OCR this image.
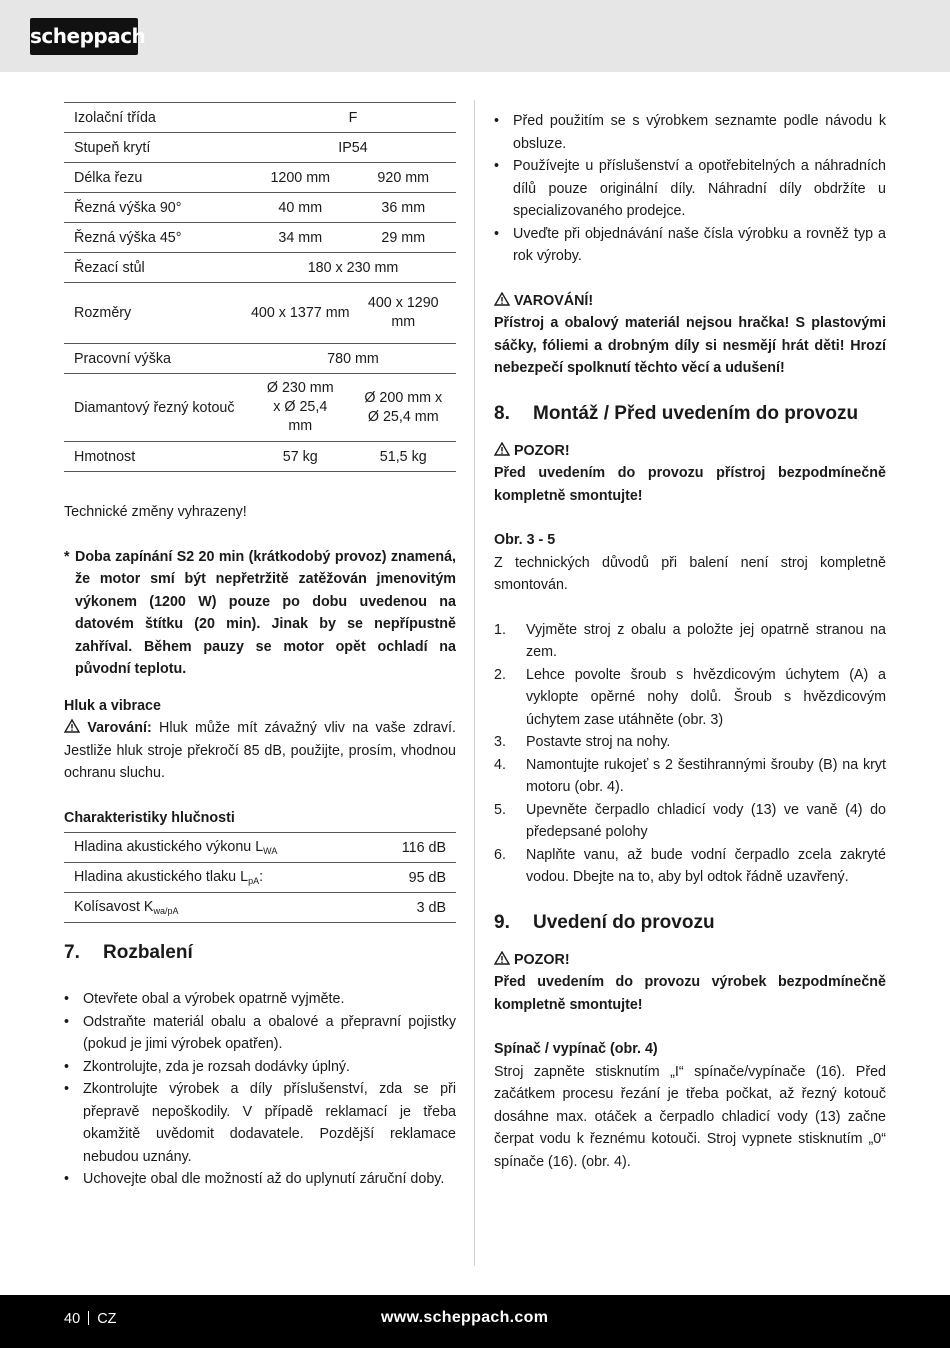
scheppach
Izolační třída	F	
Stupeň krytí	IP54	
Délka řezu	1200 mm	920 mm
Řezná výška 90°	40 mm	36 mm
Řezná výška 45°	34 mm	29 mm
Řezací stůl	180 x 230 mm	
Rozměry	400 x 1377 mm	400 x 1290 mm
Pracovní výška	780 mm	
Diamantový řezný kotouč	Ø 230 mm x Ø 25,4 mm	Ø 200 mm x Ø 25,4 mm
Hmotnost	57 kg	51,5 kg

Technické změny vyhrazeny!

* Doba zapínání S2 20 min (krátkodobý provoz) znamená, že motor smí být nepřetržitě zatěžován jmenovitým výkonem (1200 W) pouze po dobu uvedenou na datovém štítku (20 min). Jinak by se nepřípustně zahříval. Během pauzy se motor opět ochladí na původní teplotu.

Hluk a vibrace

Varování: Hluk může mít závažný vliv na vaše zdraví. Jestliže hluk stroje překročí 85 dB, použijte, prosím, vhodnou ochranu sluchu.

Charakteristiky hlučnosti

Hladina akustického výkonu $L_{WA}$	116 dB
Hladina akustického tlaku $L_{pA}$:	95 dB
Kolísavost $K_{wa/pA}$	3 dB
7.	Rozbalení
• Otevřete obal a výrobek opatrně vyjměte.
• Odstraňte materiál obalu a obalové a přepravní pojistky (pokud je jimi výrobek opatřen).
• Zkontrolujte, zda je rozsah dodávky úplný.
• Zkontrolujte výrobek a díly příslušenství, zda se při přepravě nepoškodily. V případě reklamací je třeba okamžitě uvědomit dodavatele. Pozdější reklamace nebudou uznány.
• Uchovejte obal dle možností až do uplynutí záruční doby.
• Před použitím se s výrobkem seznamte podle návodu k obsluze.
• Používejte u příslušenství a opotřebitelných a náhradních dílů pouze originální díly. Náhradní díly obdržíte u specializovaného prodejce.
• Uveďte při objednávání naše čísla výrobku a rovněž typ a rok výroby.

VAROVÁNÍ!

Přístroj a obalový materiál nejsou hračka! S plastovými sáčky, fóliemi a drobným díly si nesmějí hrát děti! Hrozí nebezpečí spolknutí těchto věcí a udušení!

8.	Montáž / Před uvedením do provozu

POZOR!

Před uvedením do provozu přístroj bezpodmínečně kompletně smontujte!

Obr. 3 - 5

Z technických důvodů při balení není stroj kompletně smontován.

1.	Vyjměte stroj z obalu a položte jej opatrně stranou na zem.
2.	Lehce povolte šroub s hvězdicovým úchytem (A) a vyklopte opěrné nohy dolů. Šroub s hvězdicovým úchytem zase utáhněte (obr. 3)
3.	Postavte stroj na nohy.
4.	Namontujte rukojeť s 2 šestihrannými šrouby (B) na kryt motoru (obr. 4).
5.	Upevněte čerpadlo chladicí vody (13) ve vaně (4) do předepsané polohy
6.	Naplňte vanu, až bude vodní čerpadlo zcela zakryté vodou. Dbejte na to, aby byl odtok řádně uzavřený.
9.	Uvedení do provozu

POZOR!

Před uvedením do provozu výrobek bezpodmínečně kompletně smontujte!

Spínač / vypínač (obr. 4)

Stroj zapněte stisknutím „I“ spínače/vypínače (16). Před začátkem procesu řezání je třeba počkat, až řezný kotouč dosáhne max. otáček a čerpadlo chladicí vody (13) začne čerpat vodu k řeznému kotouči. Stroj vypnete stisknutím „0“ spínače (16). (obr. 4).

40 CZ	www.scheppach.com
